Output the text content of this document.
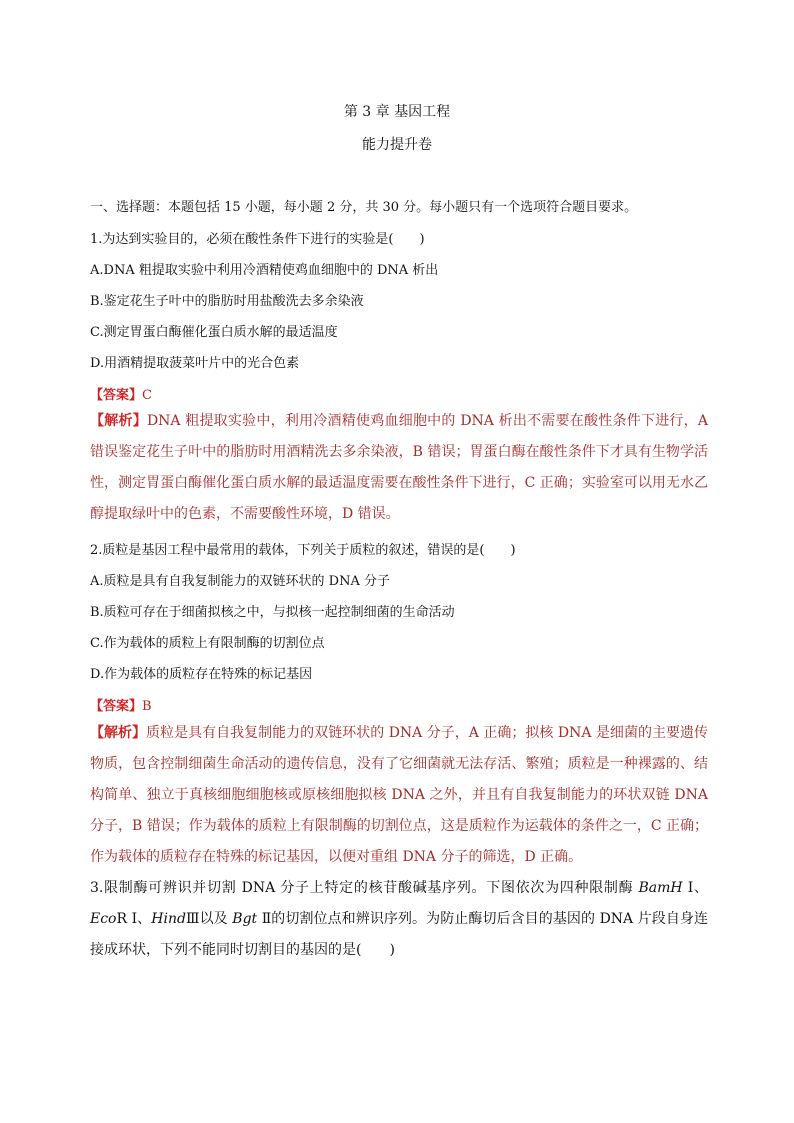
第 3 章 基因工程
能力提升卷
一、选择题：本题包括 15 小题，每小题 2 分，共 30 分。每小题只有一个选项符合题目要求。
1.为达到实验目的，必须在酸性条件下进行的实验是(　　)
A.DNA 粗提取实验中利用冷酒精使鸡血细胞中的 DNA 析出
B.鉴定花生子叶中的脂肪时用盐酸洗去多余染液
C.测定胃蛋白酶催化蛋白质水解的最适温度
D.用酒精提取菠菜叶片中的光合色素
【答案】C
【解析】DNA 粗提取实验中，利用冷酒精使鸡血细胞中的 DNA 析出不需要在酸性条件下进行，A 错误鉴定花生子叶中的脂肪时用酒精洗去多余染液，B 错误；胃蛋白酶在酸性条件下才具有生物学活性，测定胃蛋白酶催化蛋白质水解的最适温度需要在酸性条件下进行，C 正确；实验室可以用无水乙醇提取绿叶中的色素，不需要酸性环境，D 错误。
2.质粒是基因工程中最常用的载体，下列关于质粒的叙述，错误的是(　　)
A.质粒是具有自我复制能力的双链环状的 DNA 分子
B.质粒可存在于细菌拟核之中，与拟核一起控制细菌的生命活动
C.作为载体的质粒上有限制酶的切割位点
D.作为载体的质粒存在特殊的标记基因
【答案】B
【解析】质粒是具有自我复制能力的双链环状的 DNA 分子，A 正确；拟核 DNA 是细菌的主要遗传物质，包含控制细菌生命活动的遗传信息，没有了它细菌就无法存活、繁殖；质粒是一种裸露的、结构简单、独立于真核细胞细胞核或原核细胞拟核 DNA 之外，并且有自我复制能力的环状双链 DNA 分子，B 错误；作为载体的质粒上有限制酶的切割位点，这是质粒作为运载体的条件之一，C 正确；作为载体的质粒存在特殊的标记基因，以便对重组 DNA 分子的筛选，D 正确。
3.限制酶可辨识并切割 DNA 分子上特定的核苷酸碱基序列。下图依次为四种限制酶 BamH Ⅰ、EcoR Ⅰ、HindⅢ以及 Bgt Ⅱ的切割位点和辨识序列。为防止酶切后含目的基因的 DNA 片段自身连接成环状，下列不能同时切割目的基因的是(　　)
